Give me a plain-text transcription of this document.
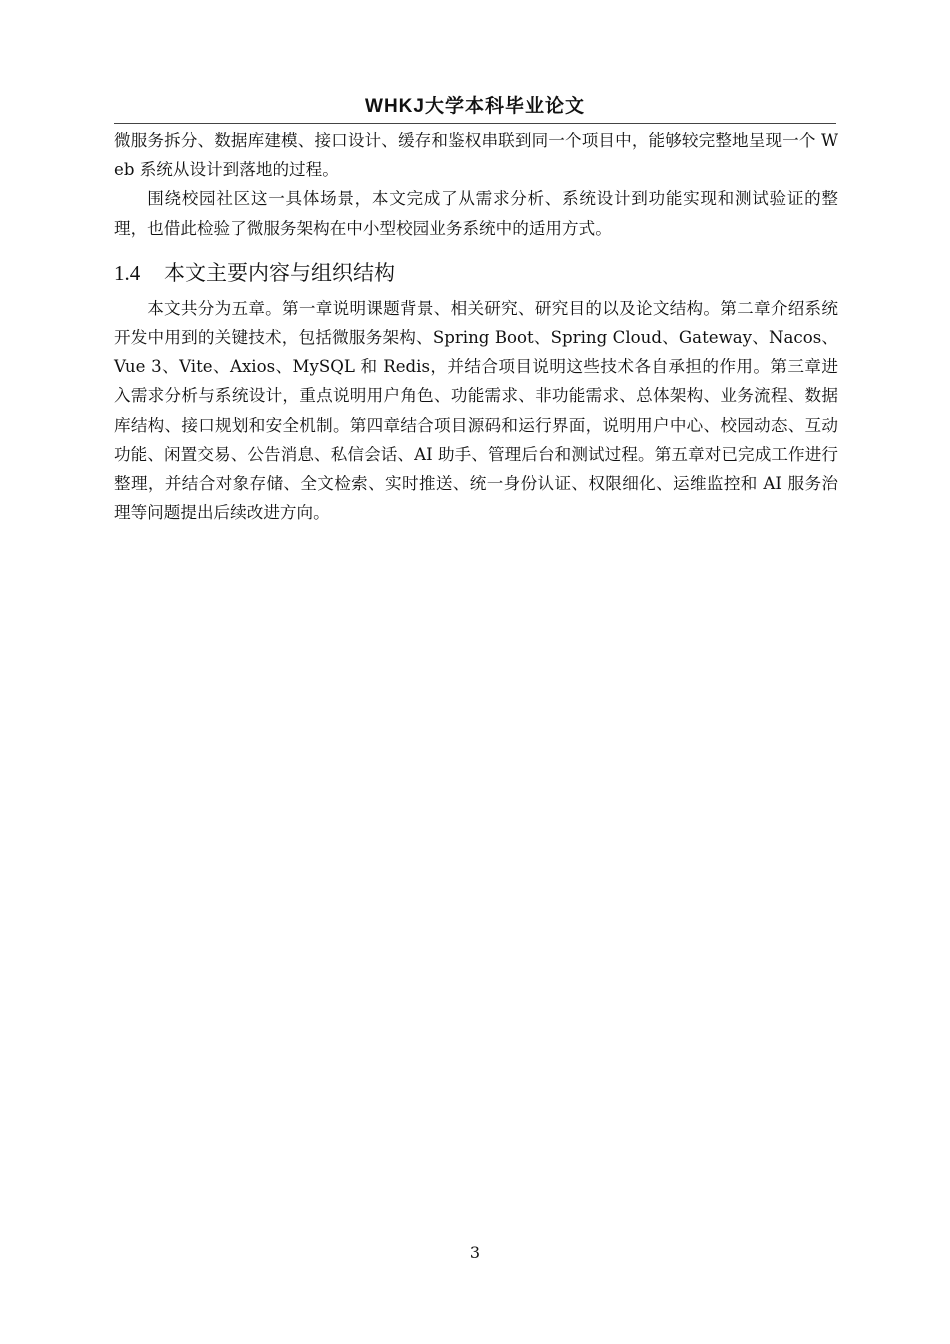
WHKJ大学本科毕业论文

微服务拆分、数据库建模、接口设计、缓存和鉴权串联到同一个项目中，能够较完整地呈现一个 Web 系统从设计到落地的过程。

围绕校园社区这一具体场景，本文完成了从需求分析、系统设计到功能实现和测试验证的整理，也借此检验了微服务架构在中小型校园业务系统中的适用方式。

1.4 本文主要内容与组织结构

本文共分为五章。第一章说明课题背景、相关研究、研究目的以及论文结构。第二章介绍系统开发中用到的关键技术，包括微服务架构、Spring Boot、Spring Cloud、Gateway、Nacos、Vue 3、Vite、Axios、MySQL 和 Redis，并结合项目说明这些技术各自承担的作用。第三章进入需求分析与系统设计，重点说明用户角色、功能需求、非功能需求、总体架构、业务流程、数据库结构、接口规划和安全机制。第四章结合项目源码和运行界面，说明用户中心、校园动态、互动功能、闲置交易、公告消息、私信会话、AI 助手、管理后台和测试过程。第五章对已完成工作进行整理，并结合对象存储、全文检索、实时推送、统一身份认证、权限细化、运维监控和 AI 服务治理等问题提出后续改进方向。

3
